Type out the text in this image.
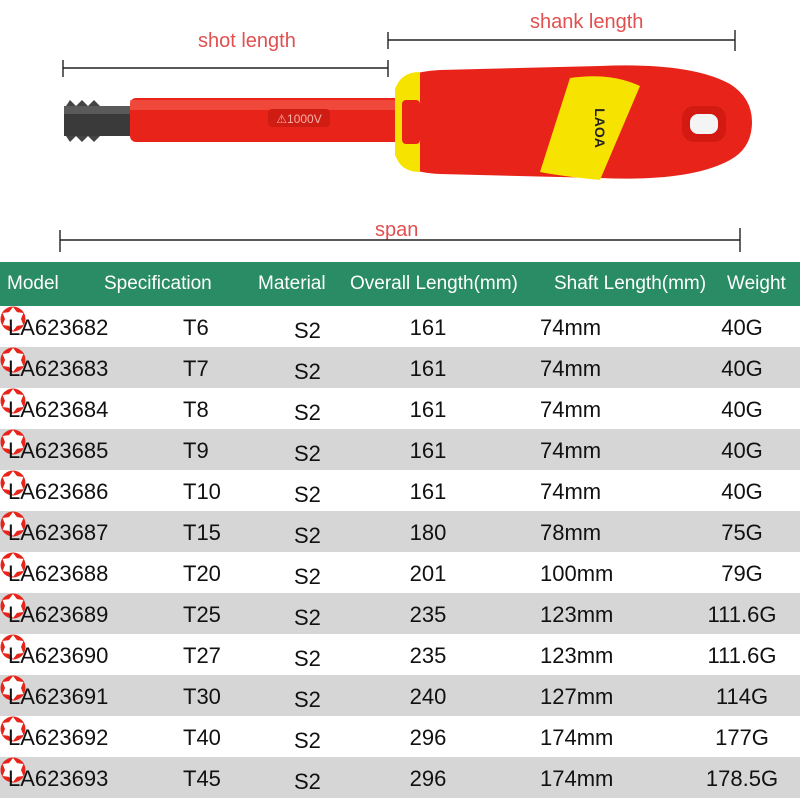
shot length
shank length
span
⚠1000V	LAOA
Model Specification Material Overall Length(mm) Shaft Length(mm) Weight
LA623682	T6	S2	161	74mm	40G
LA623683	T7	S2	161	74mm	40G
LA623684	T8	S2	161	74mm	40G
LA623685	T9	S2	161	74mm	40G
LA623686	T10	S2	161	74mm	40G
LA623687	T15	S2	180	78mm	75G
LA623688	T20	S2	201	100mm	79G
LA623689	T25	S2	235	123mm	111.6G
LA623690	T27	S2	235	123mm	111.6G
LA623691	T30	S2	240	127mm	114G
LA623692	T40	S2	296	174mm	177G
LA623693	T45	S2	296	174mm	178.5G
